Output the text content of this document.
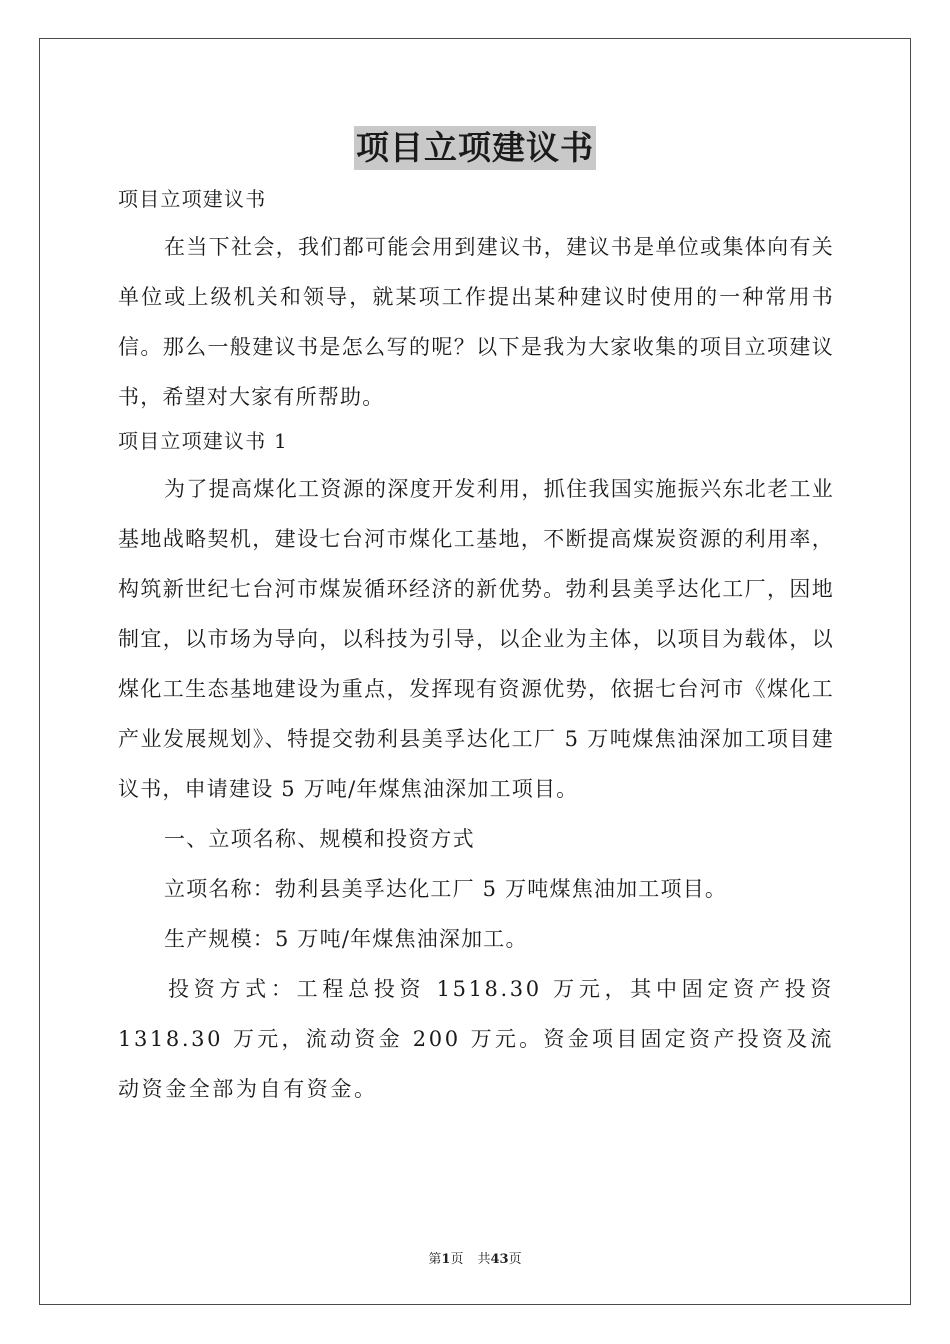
项目立项建议书

项目立项建议书

在当下社会，我们都可能会用到建议书，建议书是单位或集体向有关单位或上级机关和领导，就某项工作提出某种建议时使用的一种常用书信。那么一般建议书是怎么写的呢？以下是我为大家收集的项目立项建议书，希望对大家有所帮助。

项目立项建议书 1

为了提高煤化工资源的深度开发利用，抓住我国实施振兴东北老工业基地战略契机，建设七台河市煤化工基地，不断提高煤炭资源的利用率，构筑新世纪七台河市煤炭循环经济的新优势。勃利县美孚达化工厂，因地制宜，以市场为导向，以科技为引导，以企业为主体，以项目为载体，以煤化工生态基地建设为重点，发挥现有资源优势，依据七台河市《煤化工产业发展规划》、特提交勃利县美孚达化工厂 5 万吨煤焦油深加工项目建议书，申请建设 5 万吨/年煤焦油深加工项目。

一、立项名称、规模和投资方式

立项名称：勃利县美孚达化工厂 5 万吨煤焦油加工项目。

生产规模：5 万吨/年煤焦油深加工。

投资方式：工程总投资 1518.30 万元，其中固定资产投资 1318.30 万元，流动资金 200 万元。资金项目固定资产投资及流动资金全部为自有资金。

第1页 共43页
